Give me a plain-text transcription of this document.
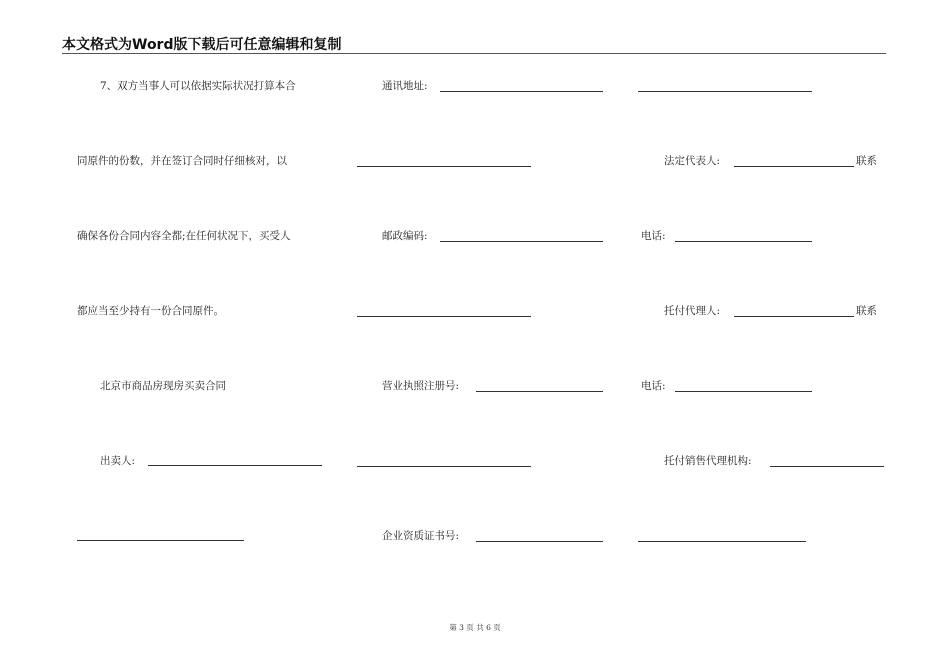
本文格式为Word版下载后可任意编辑和复制
7、双方当事人可以依据实际状况打算本合
同原件的份数，并在签订合同时仔细核对，以
确保各份合同内容全都;在任何状况下，买受人
都应当至少持有一份合同原件。
北京市商品房现房买卖合同
出卖人:
通讯地址:
邮政编码:
营业执照注册号:
企业资质证书号:
法定代表人:	联系
电话:
托付代理人:	联系
电话:
托付销售代理机构:
第 3 页 共 6 页
